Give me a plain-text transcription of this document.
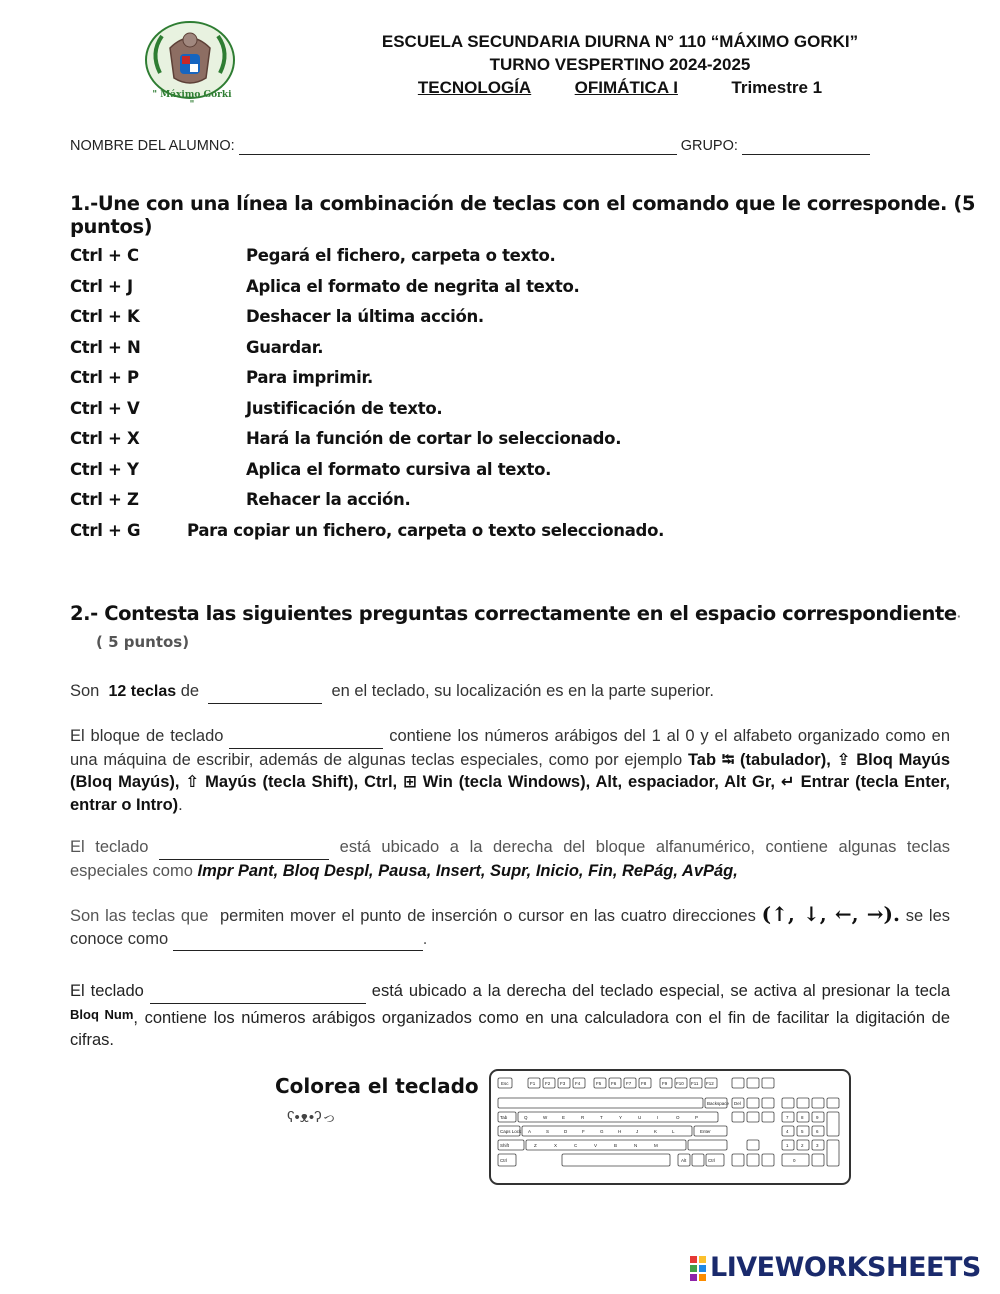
" Máximo Gorki "
ESCUELA SECUNDARIA DIURNA N° 110 “MÁXIMO GORKI”
TURNO VESPERTINO 2024-2025
TECNOLOGÍA	OFIMÁTICA I	Trimestre 1
NOMBRE DEL ALUMNO:	GRUPO:
1.-Une con una línea la combinación de teclas con el comando que le corresponde. (5 puntos)
Ctrl + C	Pegará el fichero, carpeta o texto.
Ctrl + J	Aplica el formato de negrita al texto.
Ctrl + K	Deshacer la última acción.
Ctrl + N	Guardar.
Ctrl + P	Para imprimir.
Ctrl + V	Justificación de texto.
Ctrl + X	Hará la función de cortar lo seleccionado.
Ctrl + Y	Aplica el formato cursiva al texto.
Ctrl + Z	Rehacer la acción.
Ctrl + G	Para copiar un fichero, carpeta o texto seleccionado.
2.- Contesta las siguientes preguntas correctamente en el espacio correspondiente·
( 5 puntos)
Son 12 teclas de	en el teclado, su localización es en la parte superior.
El bloque de teclado	contiene los números arábigos del 1 al 0 y el alfabeto organizado como en una máquina de escribir, además de algunas teclas especiales, como por ejemplo Tab ⭾ (tabulador), ⇪ Bloq Mayús (Bloq Mayús), ⇧ Mayús (tecla Shift), Ctrl, ⊞ Win (tecla Windows), Alt, espaciador, Alt Gr, ↵ Entrar (tecla Enter, entrar o Intro).
El teclado	está ubicado a la derecha del bloque alfanumérico, contiene algunas teclas especiales como Impr Pant, Bloq Despl, Pausa, Insert, Supr, Inicio, Fin, RePág, AvPág,
Son las teclas que permiten mover el punto de inserción o cursor en las cuatro direcciones (↑, ↓, ←, →). se les conoce como	.
El teclado	está ubicado a la derecha del teclado especial, se activa al presionar la tecla $^{Bloq Num}$, contiene los números arábigos organizados como en una calculadora con el fin de facilitar la digitación de cifras.
Colorea el teclado
ʕ•ᴥ•ʔっ
Esc
Tab
Caps Lock
Shift
Ctrl	Alt	Ctrl
Backspace
Enter
Del
F1 F2 F3 F4	F5 F6 F7 F8	F9 F10 F11 F12
Q	W	E	R	T	Y	U	I	O	P
A	S	D	F	G	H	J	K	L
Z	X	C	V	B	N	M
7	8	9
4	5	6
1	2	3
0
LIVEWORKSHEETS
